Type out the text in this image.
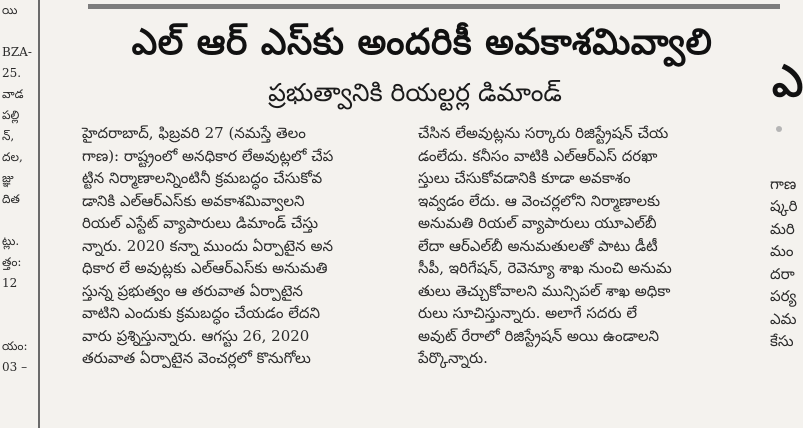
యి

BZA-
25.
వాడ
పల్లి
న్,
దల,
జ్ఞు
దిత

ట్లు.
త్తం:
12

యం:
03 –
ఎల్ ఆర్ ఎస్‌కు అందరికీ అవకాశమివ్వాలి
ప్రభుత్వానికి రియల్టర్ల డిమాండ్
హైదరాబాద్, ఫిబ్రవరి 27 (నమస్తే తెలం
గాణ): రాష్ట్రంలో అనధికార లేఅవుట్లలో చేప
ట్టిన నిర్మాణాలన్నింటినీ క్రమబద్ధం చేసుకోవ
డానికి ఎల్‌ఆర్‌ఎస్‌కు అవకాశమివ్వాలని
రియల్ ఎస్టేట్ వ్యాపారులు డిమాండ్ చేస్తు
న్నారు. 2020 కన్నా ముందు ఏర్పాటైన అన
ధికార లే అవుట్లకు ఎల్‌ఆర్‌ఎస్‌కు అనుమతి
స్తున్న ప్రభుత్వం ఆ తరువాత ఏర్పాటైన
వాటిని ఎందుకు క్రమబద్ధం చేయడం లేదని
వారు ప్రశ్నిస్తున్నారు. ఆగస్టు 26, 2020
తరువాత ఏర్పాటైన వెంచర్లలో కొనుగోలు
చేసిన లేఅవుట్లను సర్కారు రిజిస్ట్రేషన్ చేయ
డంలేదు. కనీసం వాటికి ఎల్‌ఆర్‌ఎస్ దరఖా
స్తులు చేసుకోవడానికి కూడా అవకాశం
ఇవ్వడం లేదు. ఆ వెంచర్లలోని నిర్మాణాలకు
అనుమతి రియల్ వ్యాపారులు యూఎల్‌బీ
లేదా ఆర్‌ఎల్‌బీ అనుమతులతో పాటు డీటీ
సీపీ, ఇరిగేషన్, రెవెన్యూ శాఖ నుంచి అనుమ
తులు తెచ్చుకోవాలని మున్సిపల్ శాఖ అధికా
రులు సూచిస్తున్నారు. అలాగే సదరు లే
అవుట్ రేరాలో రిజిస్ట్రేషన్ అయి ఉండాలని
పేర్కొన్నారు.
ఎ

గాణ
ష్కరి
మరి
మం
దరా
పర్య
ఎమ
కేసు
